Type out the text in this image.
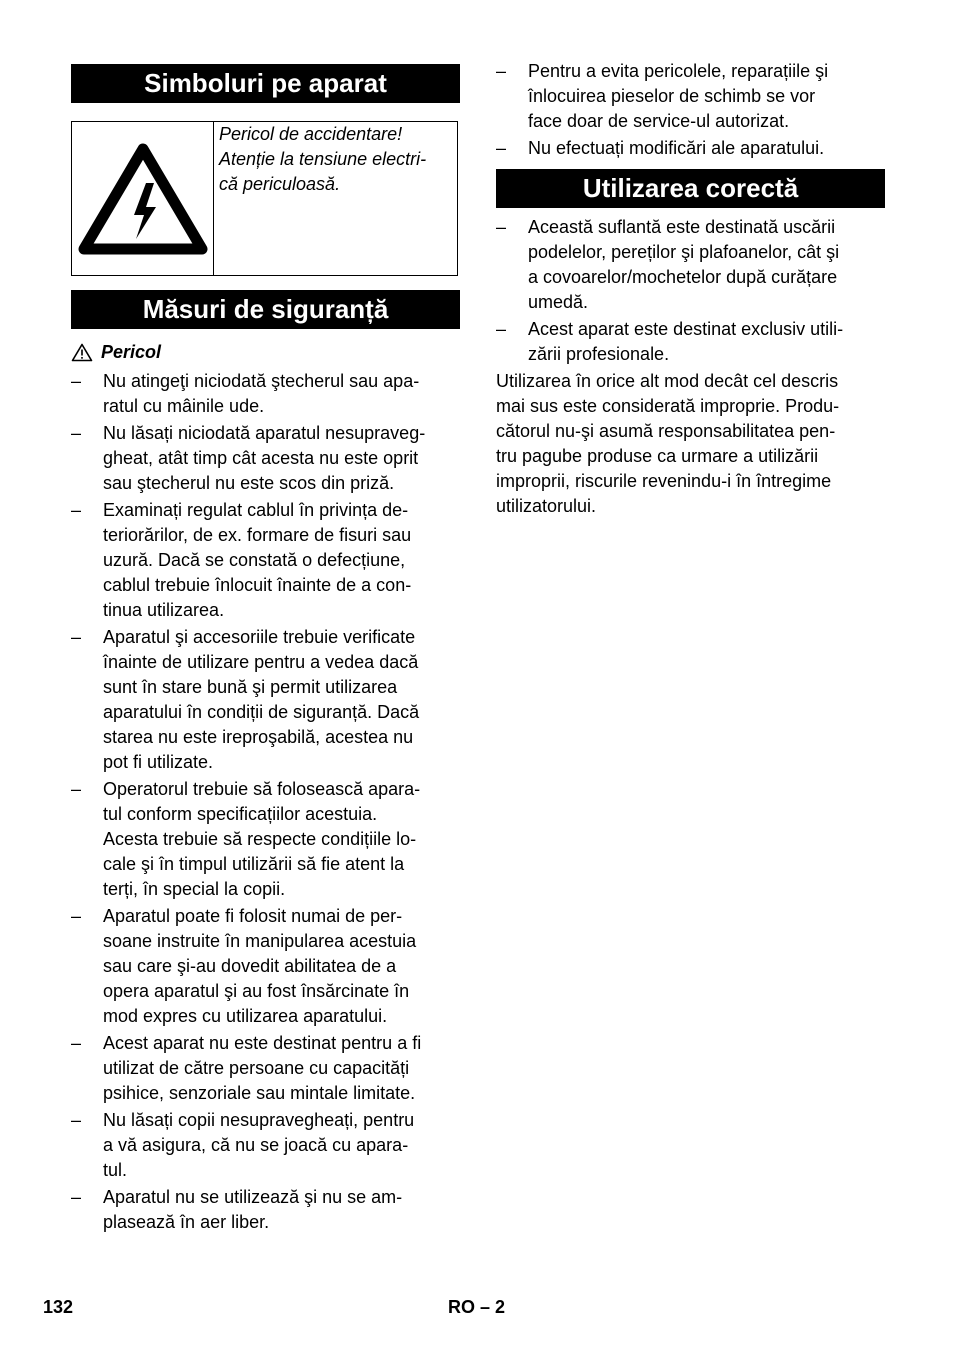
Simboluri pe aparat
Pericol de accidentare!
Atenție la tensiune electri-
că periculoasă.
Măsuri de siguranță
Pericol
– Nu atingeţi niciodată ştecherul sau apa-
ratul cu mâinile ude.
– Nu lăsați niciodată aparatul nesupraveg-
gheat, atât timp cât acesta nu este oprit
sau ştecherul nu este scos din priză.
– Examinați regulat cablul în privința de-
teriorărilor, de ex. formare de fisuri sau
uzură. Dacă se constată o defecțiune,
cablul trebuie înlocuit înainte de a con-
tinua utilizarea.
– Aparatul şi accesoriile trebuie verificate
înainte de utilizare pentru a vedea dacă
sunt în stare bună şi permit utilizarea
aparatului în condiții de siguranță. Dacă
starea nu este ireproşabilă, acestea nu
pot fi utilizate.
– Operatorul trebuie să folosească apara-
tul conform specificațiilor acestuia.
Acesta trebuie să respecte condițiile lo-
cale şi în timpul utilizării să fie atent la
terți, în special la copii.
– Aparatul poate fi folosit numai de per-
soane instruite în manipularea acestuia
sau care şi-au dovedit abilitatea de a
opera aparatul şi au fost însărcinate în
mod expres cu utilizarea aparatului.
– Acest aparat nu este destinat pentru a fi
utilizat de către persoane cu capacități
psihice, senzoriale sau mintale limitate.
– Nu lăsați copii nesupravegheați, pentru
a vă asigura, că nu se joacă cu apara-
tul.
– Aparatul nu se utilizează şi nu se am-
plasează în aer liber.
– Pentru a evita pericolele, reparațiile şi
înlocuirea pieselor de schimb se vor
face doar de service-ul autorizat.
– Nu efectuați modificări ale aparatului.
Utilizarea corectă
– Această suflantă este destinată uscării
podelelor, pereților şi plafoanelor, cât şi
a covoarelor/mochetelor după curățare
umedă.
– Acest aparat este destinat exclusiv utili-
zării profesionale.
Utilizarea în orice alt mod decât cel descris
mai sus este considerată improprie. Produ-
cătorul nu-şi asumă responsabilitatea pen-
tru pagube produse ca urmare a utilizării
improprii, riscurile revenindu-i în întregime
utilizatorului.
132	RO – 2
